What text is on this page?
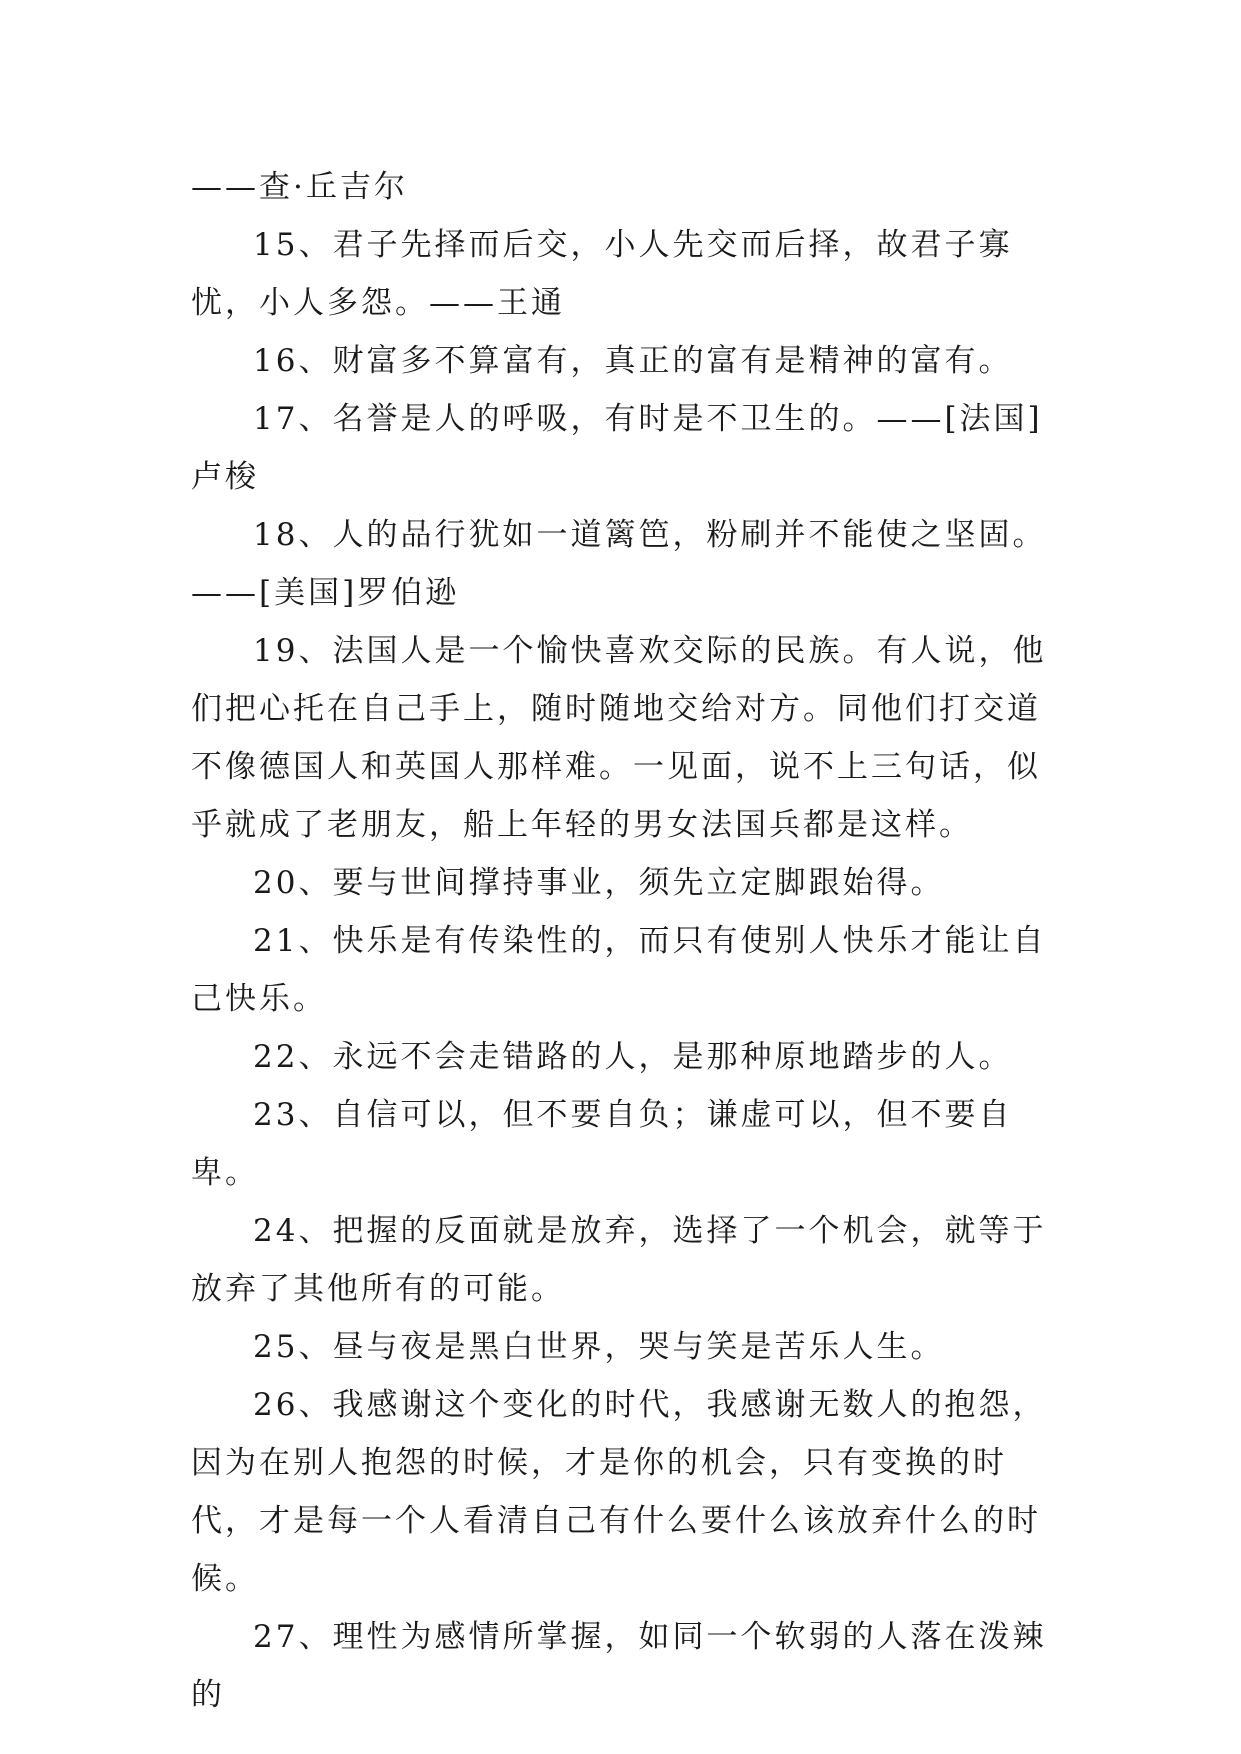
——查·丘吉尔

15、君子先择而后交，小人先交而后择，故君子寡忧，小人多怨。——王通

16、财富多不算富有，真正的富有是精神的富有。

17、名誉是人的呼吸，有时是不卫生的。——[法国]卢梭

18、人的品行犹如一道篱笆，粉刷并不能使之坚固。

——[美国]罗伯逊

19、法国人是一个愉快喜欢交际的民族。有人说，他们把心托在自己手上，随时随地交给对方。同他们打交道不像德国人和英国人那样难。一见面，说不上三句话，似乎就成了老朋友，船上年轻的男女法国兵都是这样。

20、要与世间撑持事业，须先立定脚跟始得。

21、快乐是有传染性的，而只有使别人快乐才能让自己快乐。

22、永远不会走错路的人，是那种原地踏步的人。

23、自信可以，但不要自负；谦虚可以，但不要自卑。

24、把握的反面就是放弃，选择了一个机会，就等于放弃了其他所有的可能。

25、昼与夜是黑白世界，哭与笑是苦乐人生。

26、我感谢这个变化的时代，我感谢无数人的抱怨，因为在别人抱怨的时候，才是你的机会，只有变换的时代，才是每一个人看清自己有什么要什么该放弃什么的时候。

27、理性为感情所掌握，如同一个软弱的人落在泼辣的
